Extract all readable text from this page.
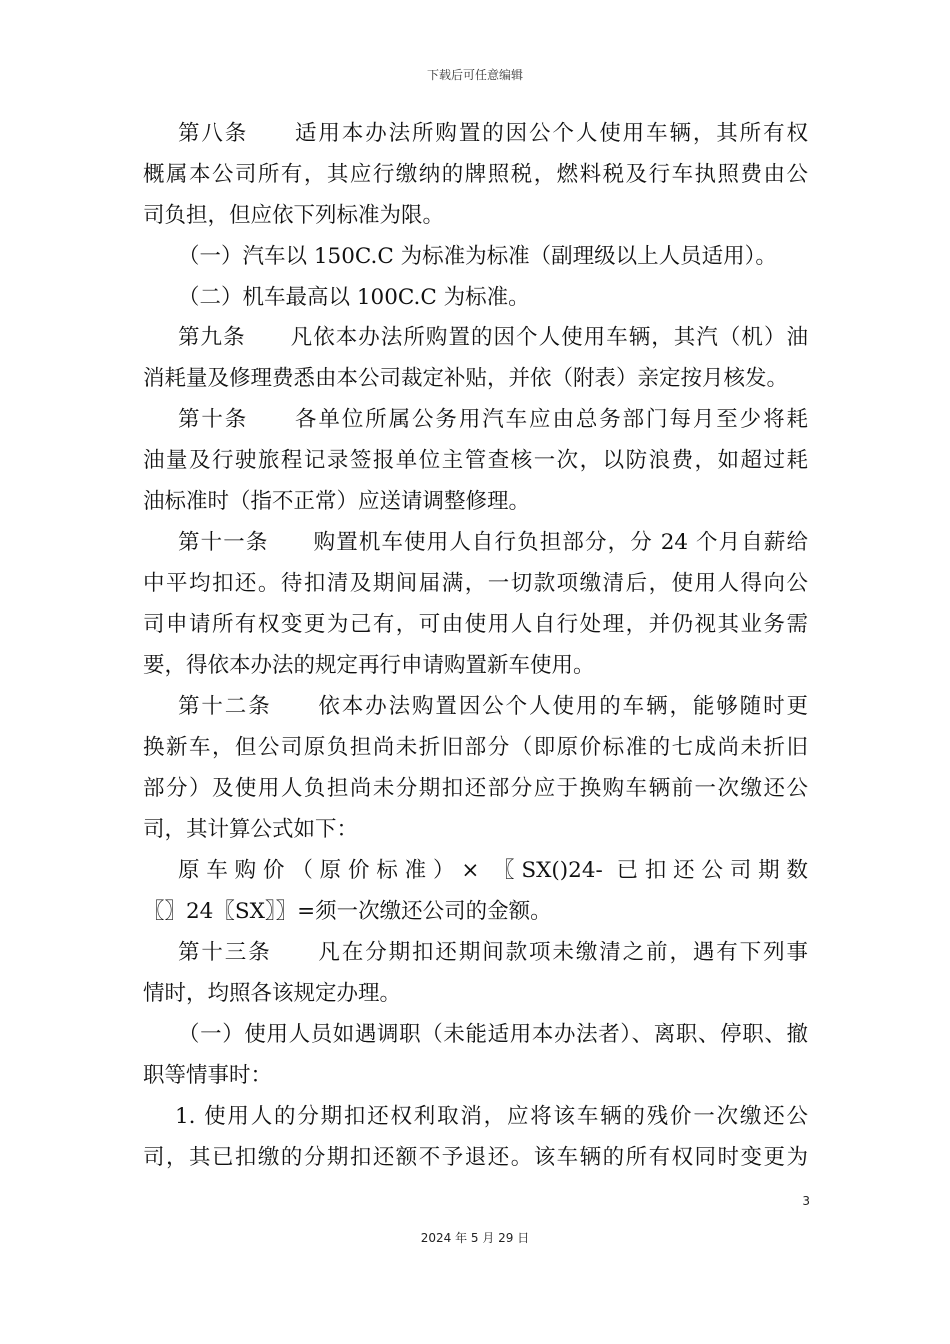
下载后可任意编辑
第八条　　适用本办法所购置的因公个人使用车辆，其所有权
概属本公司所有，其应行缴纳的牌照税，燃料税及行车执照费由公
司负担，但应依下列标准为限。
（一）汽车以 150C.C 为标准为标准（副理级以上人员适用）。
（二）机车最高以 100C.C 为标准。
第九条　　凡依本办法所购置的因个人使用车辆，其汽（机）油
消耗量及修理费悉由本公司裁定补贴，并依（附表）亲定按月核发。
第十条　　各单位所属公务用汽车应由总务部门每月至少将耗
油量及行驶旅程记录签报单位主管查核一次，以防浪费，如超过耗
油标准时（指不正常）应送请调整修理。
第十一条　　购置机车使用人自行负担部分，分 24 个月自薪给
中平均扣还。待扣清及期间届满，一切款项缴清后，使用人得向公
司申请所有权变更为己有，可由使用人自行处理，并仍视其业务需
要，得依本办法的规定再行申请购置新车使用。
第十二条　　依本办法购置因公个人使用的车辆，能够随时更
换新车，但公司原负担尚未折旧部分（即原价标准的七成尚未折旧
部分）及使用人负担尚未分期扣还部分应于换购车辆前一次缴还公
司，其计算公式如下：
原车购价（原价标准）× 〖SX()24- 已扣还公司期数
〖〗24〖SX〗〗=须一次缴还公司的金额。
第十三条　　凡在分期扣还期间款项未缴清之前，遇有下列事
情时，均照各该规定办理。
（一）使用人员如遇调职（未能适用本办法者）、离职、停职、撤
职等情事时：
1. 使用人的分期扣还权利取消，应将该车辆的残价一次缴还公
司，其已扣缴的分期扣还额不予退还。该车辆的所有权同时变更为
3
2024 年 5 月 29 日
